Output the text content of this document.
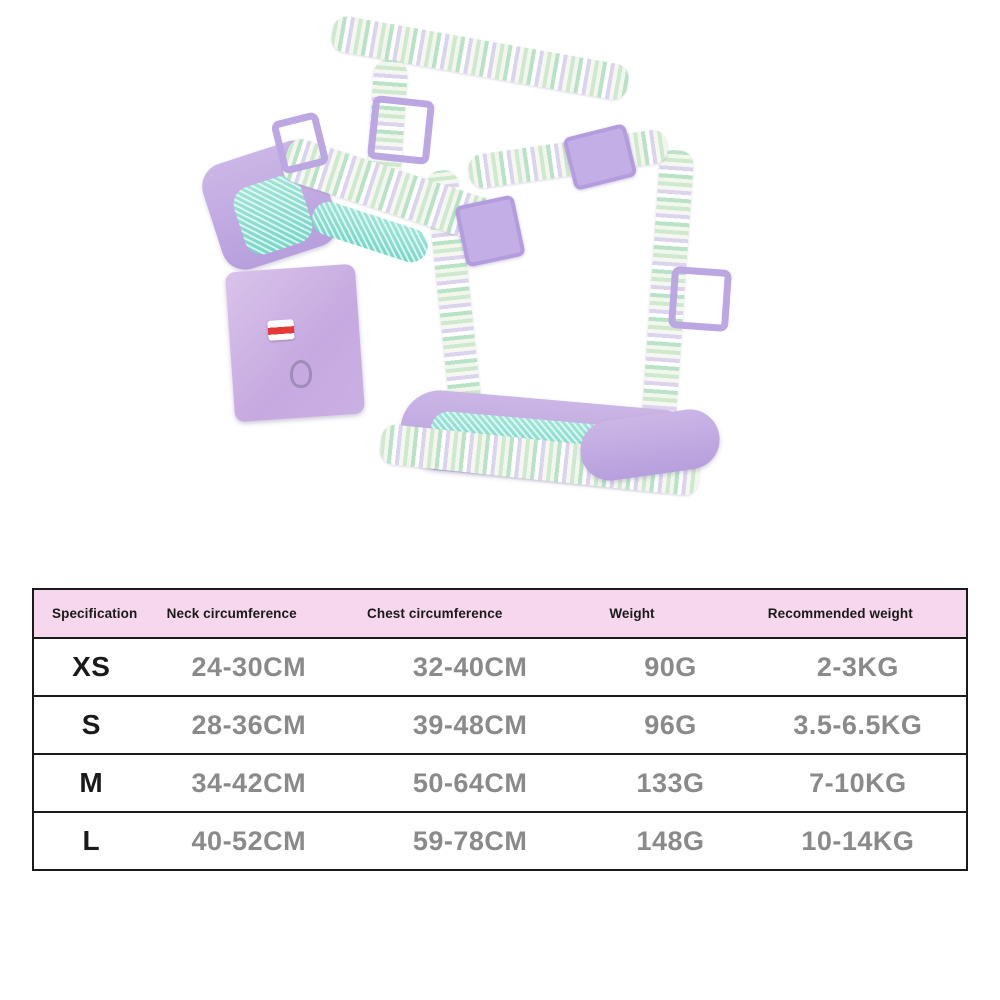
Specification	Neck circumference	Chest circumference	Weight	Recommended weight
XS	24-30CM	32-40CM	90G	2-3KG
S	28-36CM	39-48CM	96G	3.5-6.5KG
M	34-42CM	50-64CM	133G	7-10KG
L	40-52CM	59-78CM	148G	10-14KG
